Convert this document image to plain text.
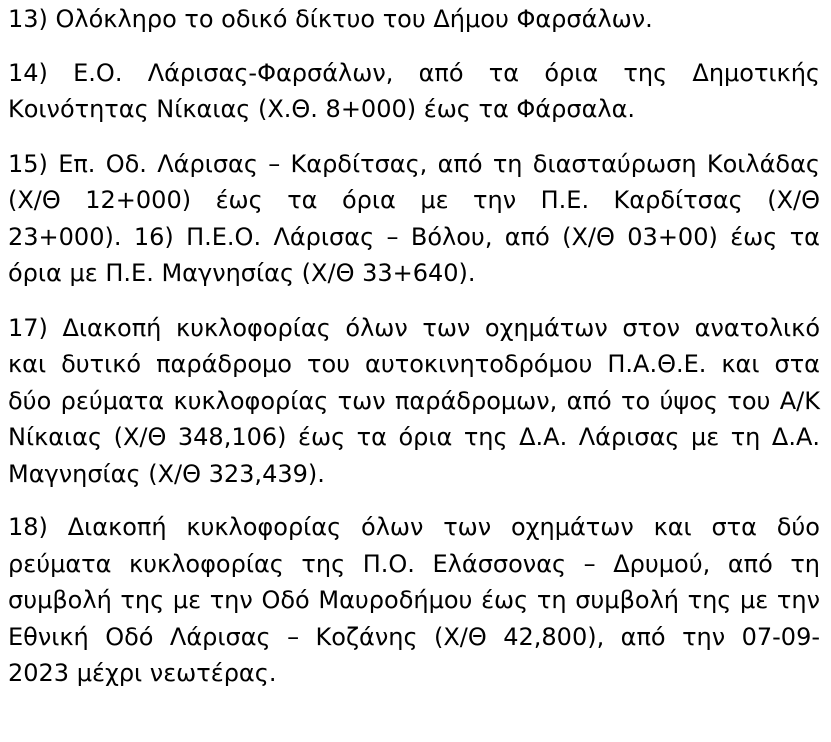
13) Ολόκληρο το οδικό δίκτυο του Δήμου Φαρσάλων.

14) Ε.Ο. Λάρισας-Φαρσάλων, από τα όρια της Δημοτικής
Κοινότητας Νίκαιας (Χ.Θ. 8+000) έως τα Φάρσαλα.

15) Επ. Οδ. Λάρισας – Καρδίτσας, από τη διασταύρωση Κοιλάδας
(Χ/Θ 12+000) έως τα όρια με την Π.Ε. Καρδίτσας (Χ/Θ
23+000). 16) Π.Ε.Ο. Λάρισας – Βόλου, από (Χ/Θ 03+00) έως τα
όρια με Π.Ε. Μαγνησίας (Χ/Θ 33+640).

17) Διακοπή κυκλοφορίας όλων των οχημάτων στον ανατολικό
και δυτικό παράδρομο του αυτοκινητοδρόμου Π.Α.Θ.Ε. και στα
δύο ρεύματα κυκλοφορίας των παράδρομων, από το ύψος του Α/Κ
Νίκαιας (Χ/Θ 348,106) έως τα όρια της Δ.Α. Λάρισας με τη Δ.Α.
Μαγνησίας (Χ/Θ 323,439).

18) Διακοπή κυκλοφορίας όλων των οχημάτων και στα δύο
ρεύματα κυκλοφορίας της Π.Ο. Ελάσσονας – Δρυμού, από τη
συμβολή της με την Οδό Μαυροδήμου έως τη συμβολή της με την
Εθνική Οδό Λάρισας – Κοζάνης (Χ/Θ 42,800), από την 07-09-
2023 μέχρι νεωτέρας.
